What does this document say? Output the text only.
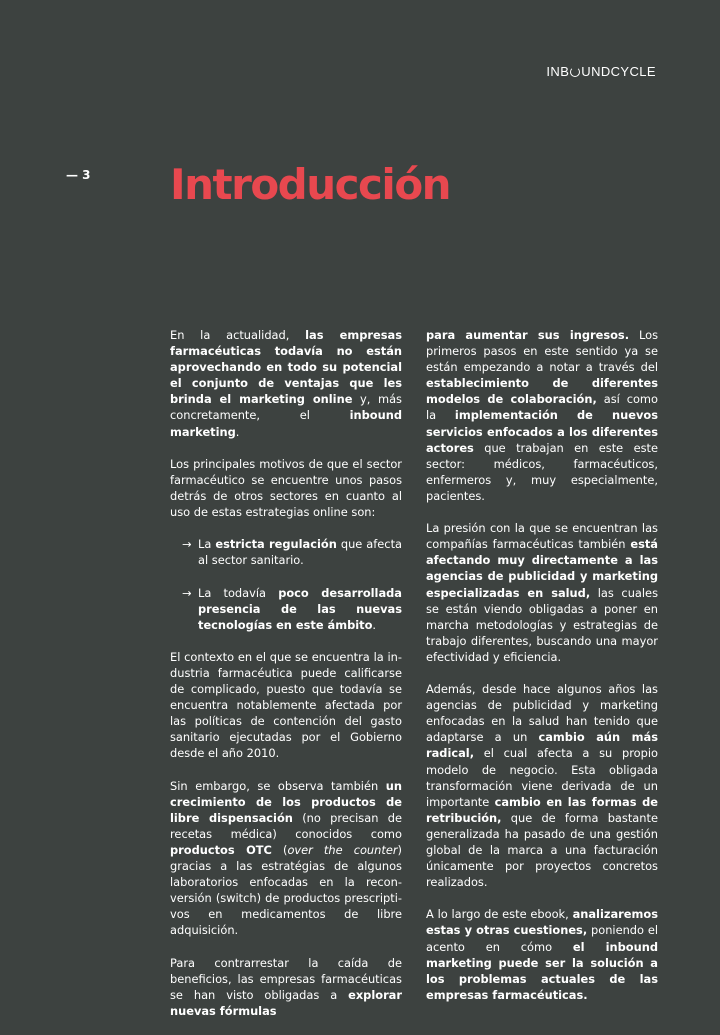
INB UNDCYCLE
— 3 Introducción

En la actualidad, las empresas farmacéuticas todavía no están aprovechando en todo su potencial el conjunto de ventajas que les brinda el marketing online y, más concretamente, el inbound marketing.

Los principales motivos de que el sector farmacéutico se encuentre unos pasos detrás de otros sectores en cuanto al uso de estas estrategias online son:

→ La estricta regulación que afecta al sector sanitario.
→ La todavía poco desarrollada presencia de las nuevas tecnologías en este ámbito.

El contexto en el que se encuentra la industria farmacéutica puede calificarse de complicado, puesto que todavía se encuentra notablemente afectada por las políticas de contención del gasto sanitario ejecutadas por el Gobierno desde el año 2010.

Sin embargo, se observa también un crecimiento de los productos de libre dispensación (no precisan de recetas médica) conocidos como productos OTC (over the counter) gracias a las estratégias de algunos laboratorios enfocadas en la reconversión (switch) de productos prescriptivos en medicamentos de libre adquisición.

Para contrarrestar la caída de beneficios, las empresas farmacéuticas se han visto obligadas a explorar nuevas fórmulas

para aumentar sus ingresos. Los primeros pasos en este sentido ya se están empezando a notar a través del establecimiento de diferentes modelos de colaboración, así como la implementación de nuevos servicios enfocados a los diferentes actores que trabajan en este este sector: médicos, farmacéuticos, enfermeros y, muy especialmente, pacientes.

La presión con la que se encuentran las compañías farmacéuticas también está afectando muy directamente a las agencias de publicidad y marketing especializadas en salud, las cuales se están viendo obligadas a poner en marcha metodologías y estrategias de trabajo diferentes, buscando una mayor efectividad y eficiencia.

Además, desde hace algunos años las agencias de publicidad y marketing enfocadas en la salud han tenido que adaptarse a un cambio aún más radical, el cual afecta a su propio modelo de negocio. Esta obligada transformación viene derivada de un importante cambio en las formas de retribución, que de forma bastante generalizada ha pasado de una gestión global de la marca a una facturación únicamente por proyectos concretos realizados.

A lo largo de este ebook, analizaremos estas y otras cuestiones, poniendo el acento en cómo el inbound marketing puede ser la solución a los problemas actuales de las empresas farmacéuticas.
